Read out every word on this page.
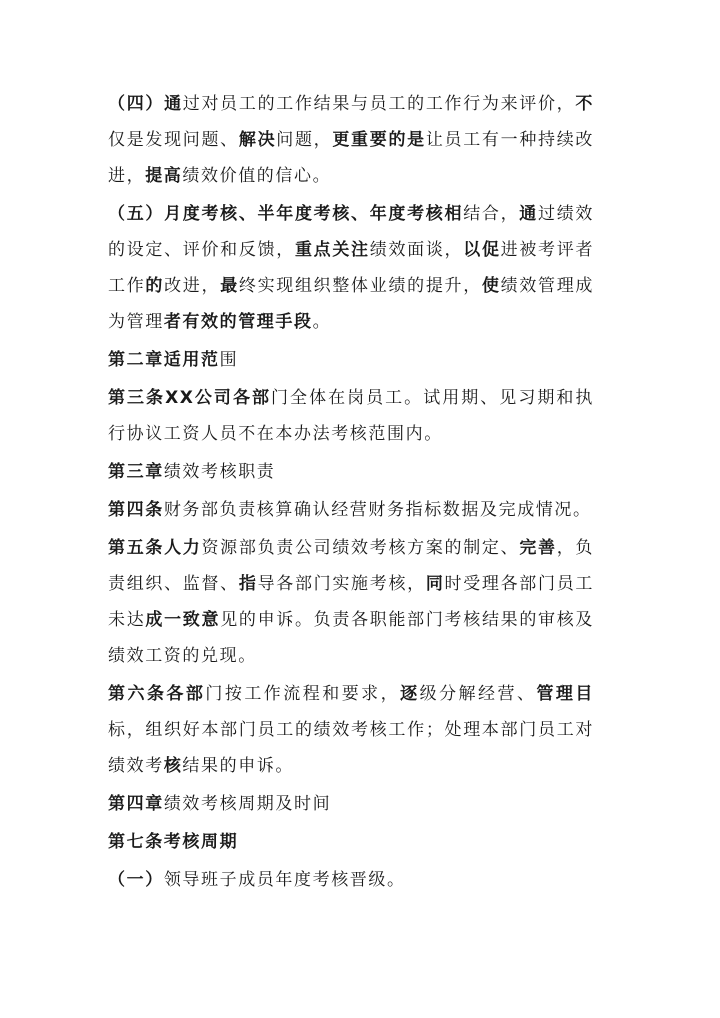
（四）通过对员工的工作结果与员工的工作行为来评价，不仅是发现问题、解决问题，更重要的是让员工有一种持续改进，提高绩效价值的信心。

（五）月度考核、半年度考核、年度考核相结合，通过绩效的设定、评价和反馈，重点关注绩效面谈，以促进被考评者工作的改进，最终实现组织整体业绩的提升，使绩效管理成为管理者有效的管理手段。

第二章适用范围

第三条XX公司各部门全体在岗员工。试用期、见习期和执行协议工资人员不在本办法考核范围内。

第三章绩效考核职责

第四条财务部负责核算确认经营财务指标数据及完成情况。

第五条人力资源部负责公司绩效考核方案的制定、完善，负责组织、监督、指导各部门实施考核，同时受理各部门员工未达成一致意见的申诉。负责各职能部门考核结果的审核及绩效工资的兑现。

第六条各部门按工作流程和要求，逐级分解经营、管理目标，组织好本部门员工的绩效考核工作；处理本部门员工对绩效考核结果的申诉。

第四章绩效考核周期及时间

第七条考核周期

（一）领导班子成员年度考核晋级。
